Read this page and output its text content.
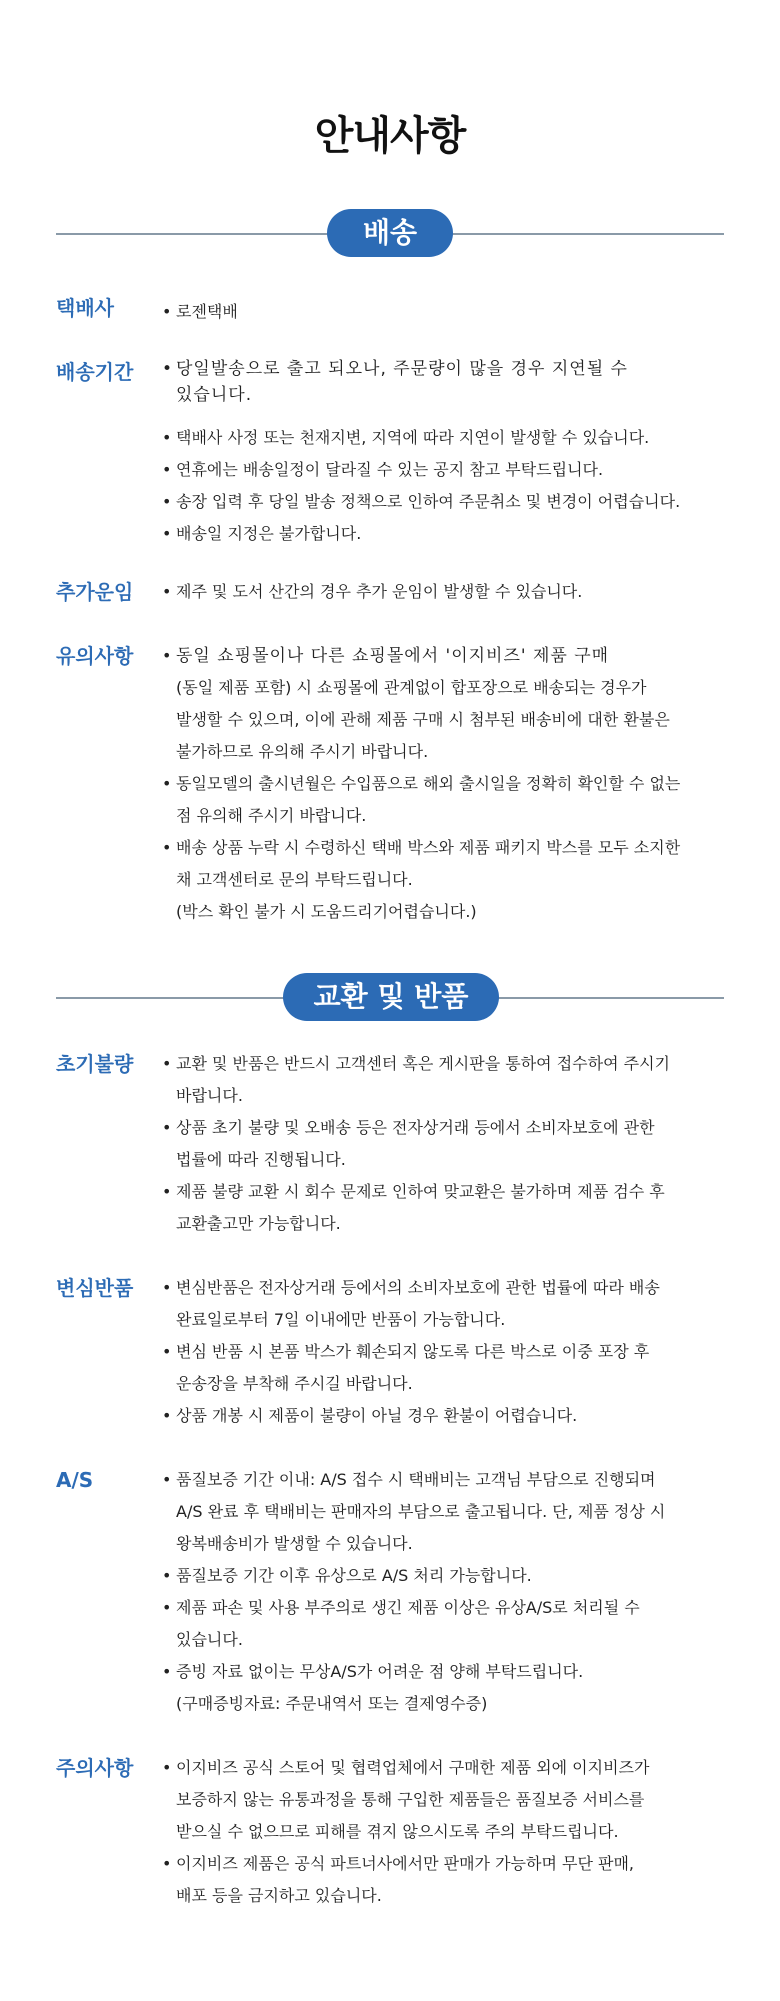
안내사항
배송
택배사	• 로젠택배
배송기간	• 당일발송으로 출고 되오나, 주문량이 많을 경우 지연될 수
있습니다.
• 택배사 사정 또는 천재지변, 지역에 따라 지연이 발생할 수 있습니다.
• 연휴에는 배송일정이 달라질 수 있는 공지 참고 부탁드립니다.
• 송장 입력 후 당일 발송 정책으로 인하여 주문취소 및 변경이 어렵습니다.
• 배송일 지정은 불가합니다.
추가운임	• 제주 및 도서 산간의 경우 추가 운임이 발생할 수 있습니다.
유의사항	• 동일 쇼핑몰이나 다른 쇼핑몰에서 '이지비즈' 제품 구매
(동일 제품 포함) 시 쇼핑몰에 관계없이 합포장으로 배송되는 경우가
발생할 수 있으며, 이에 관해 제품 구매 시 첨부된 배송비에 대한 환불은
불가하므로 유의해 주시기 바랍니다.
• 동일모델의 출시년월은 수입품으로 해외 출시일을 정확히 확인할 수 없는
점 유의해 주시기 바랍니다.
• 배송 상품 누락 시 수령하신 택배 박스와 제품 패키지 박스를 모두 소지한
채 고객센터로 문의 부탁드립니다.
(박스 확인 불가 시 도움드리기어렵습니다.)
교환 및 반품
초기불량	• 교환 및 반품은 반드시 고객센터 혹은 게시판을 통하여 접수하여 주시기
바랍니다.
• 상품 초기 불량 및 오배송 등은 전자상거래 등에서 소비자보호에 관한
법률에 따라 진행됩니다.
• 제품 불량 교환 시 회수 문제로 인하여 맞교환은 불가하며 제품 검수 후
교환출고만 가능합니다.
변심반품	• 변심반품은 전자상거래 등에서의 소비자보호에 관한 법률에 따라 배송
완료일로부터 7일 이내에만 반품이 가능합니다.
• 변심 반품 시 본품 박스가 훼손되지 않도록 다른 박스로 이중 포장 후
운송장을 부착해 주시길 바랍니다.
• 상품 개봉 시 제품이 불량이 아닐 경우 환불이 어렵습니다.
A/S	• 품질보증 기간 이내: A/S 접수 시 택배비는 고객님 부담으로 진행되며
A/S 완료 후 택배비는 판매자의 부담으로 출고됩니다. 단, 제품 정상 시
왕복배송비가 발생할 수 있습니다.
• 품질보증 기간 이후 유상으로 A/S 처리 가능합니다.
• 제품 파손 및 사용 부주의로 생긴 제품 이상은 유상A/S로 처리될 수
있습니다.
• 증빙 자료 없이는 무상A/S가 어려운 점 양해 부탁드립니다.
(구매증빙자료: 주문내역서 또는 결제영수증)
주의사항	• 이지비즈 공식 스토어 및 협력업체에서 구매한 제품 외에 이지비즈가
보증하지 않는 유통과정을 통해 구입한 제품들은 품질보증 서비스를
받으실 수 없으므로 피해를 겪지 않으시도록 주의 부탁드립니다.
• 이지비즈 제품은 공식 파트너사에서만 판매가 가능하며 무단 판매,
배포 등을 금지하고 있습니다.
